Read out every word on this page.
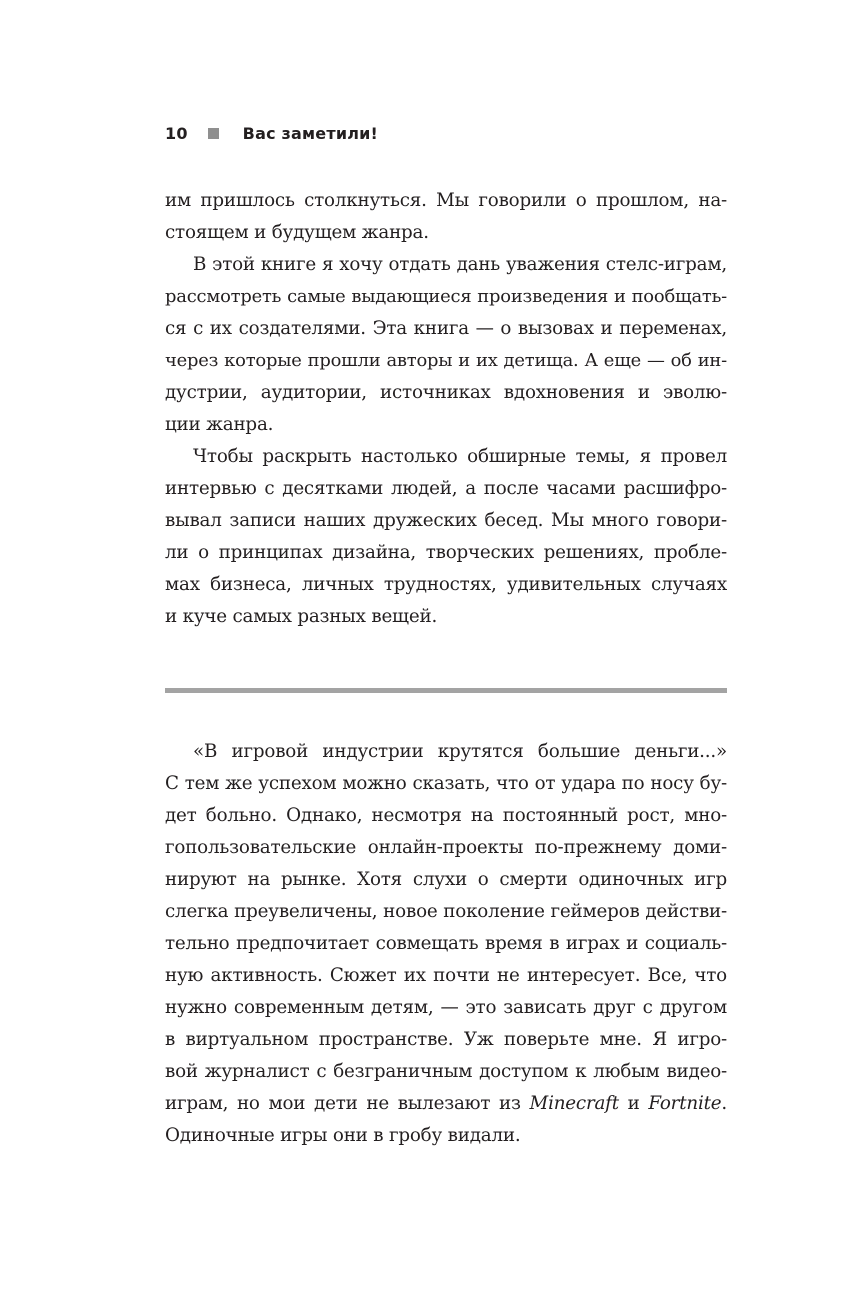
10	Вас заметили!
им пришлось столкнуться. Мы говорили о прошлом, на-
стоящем и будущем жанра.
В этой книге я хочу отдать дань уважения стелс-играм,
рассмотреть самые выдающиеся произведения и пообщать-
ся с их создателями. Эта книга — о вызовах и переменах,
через которые прошли авторы и их детища. А еще — об ин-
дустрии, аудитории, источниках вдохновения и эволю-
ции жанра.
Чтобы раскрыть настолько обширные темы, я провел
интервью с десятками людей, а после часами расшифро-
вывал записи наших дружеских бесед. Мы много говори-
ли о принципах дизайна, творческих решениях, пробле-
мах бизнеса, личных трудностях, удивительных случаях
и куче самых разных вещей.
«В игровой индустрии крутятся большие деньги...»
С тем же успехом можно сказать, что от удара по носу бу-
дет больно. Однако, несмотря на постоянный рост, мно-
гопользовательские онлайн-проекты по-прежнему доми-
нируют на рынке. Хотя слухи о смерти одиночных игр
слегка преувеличены, новое поколение геймеров действи-
тельно предпочитает совмещать время в играх и социаль-
ную активность. Сюжет их почти не интересует. Все, что
нужно современным детям, — это зависать друг с другом
в виртуальном пространстве. Уж поверьте мне. Я игро-
вой журналист с безграничным доступом к любым видео-
играм, но мои дети не вылезают из Minecraft и Fortnite.
Одиночные игры они в гробу видали.
